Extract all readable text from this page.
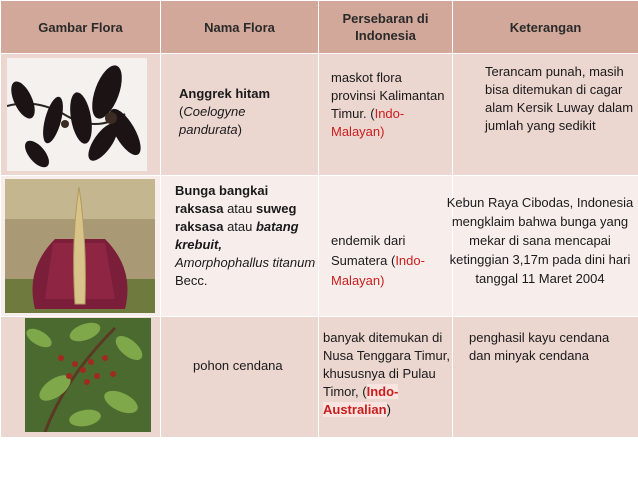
Gambar Flora	Nama Flora	Persebaran di Indonesia	Keterangan

Anggrek hitam
(Coelogyne pandurata)	maskot flora provinsi Kalimantan Timur. (Indo-Malayan)	Terancam punah, masih bisa ditemukan di cagar alam Kersik Luway dalam jumlah yang sedikit

Bunga bangkai raksasa atau suweg raksasa atau batang krebuit,
Amorphophallus titanum Becc.	endemik dari Sumatera (Indo-Malayan)	Kebun Raya Cibodas, Indonesia mengklaim bahwa bunga yang mekar di sana mencapai ketinggian 3,17m pada dini hari tanggal 11 Maret 2004

pohon cendana	banyak ditemukan di Nusa Tenggara Timur, khususnya di Pulau Timor, (Indo-Australian)	penghasil kayu cendana dan minyak cendana
